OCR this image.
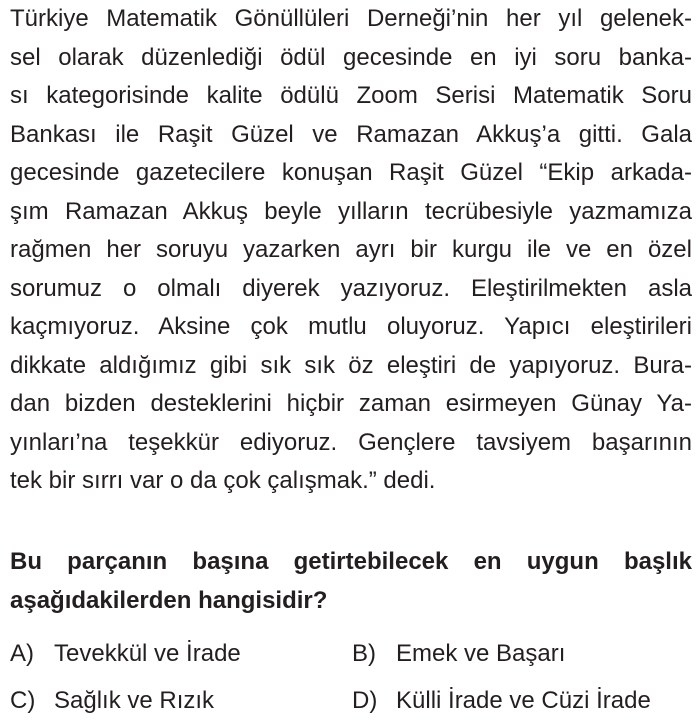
Türkiye Matematik Gönüllüleri Derneği’nin her yıl gelenek-
sel olarak düzenlediği ödül gecesinde en iyi soru banka-
sı kategorisinde kalite ödülü Zoom Serisi Matematik Soru
Bankası ile Raşit Güzel ve Ramazan Akkuş’a gitti. Gala
gecesinde gazetecilere konuşan Raşit Güzel “Ekip arkada-
şım Ramazan Akkuş beyle yılların tecrübesiyle yazmamıza
rağmen her soruyu yazarken ayrı bir kurgu ile ve en özel
sorumuz o olmalı diyerek yazıyoruz. Eleştirilmekten asla
kaçmıyoruz. Aksine çok mutlu oluyoruz. Yapıcı eleştirileri
dikkate aldığımız gibi sık sık öz eleştiri de yapıyoruz. Bura-
dan bizden desteklerini hiçbir zaman esirmeyen Günay Ya-
yınları’na teşekkür ediyoruz. Gençlere tavsiyem başarının
tek bir sırrı var o da çok çalışmak.” dedi.
Bu parçanın başına getirtebilecek en uygun başlık
aşağıdakilerden hangisidir?
A) Tevekkül ve İrade	B) Emek ve Başarı
C) Sağlık ve Rızık	D) Külli İrade ve Cüzi İrade
